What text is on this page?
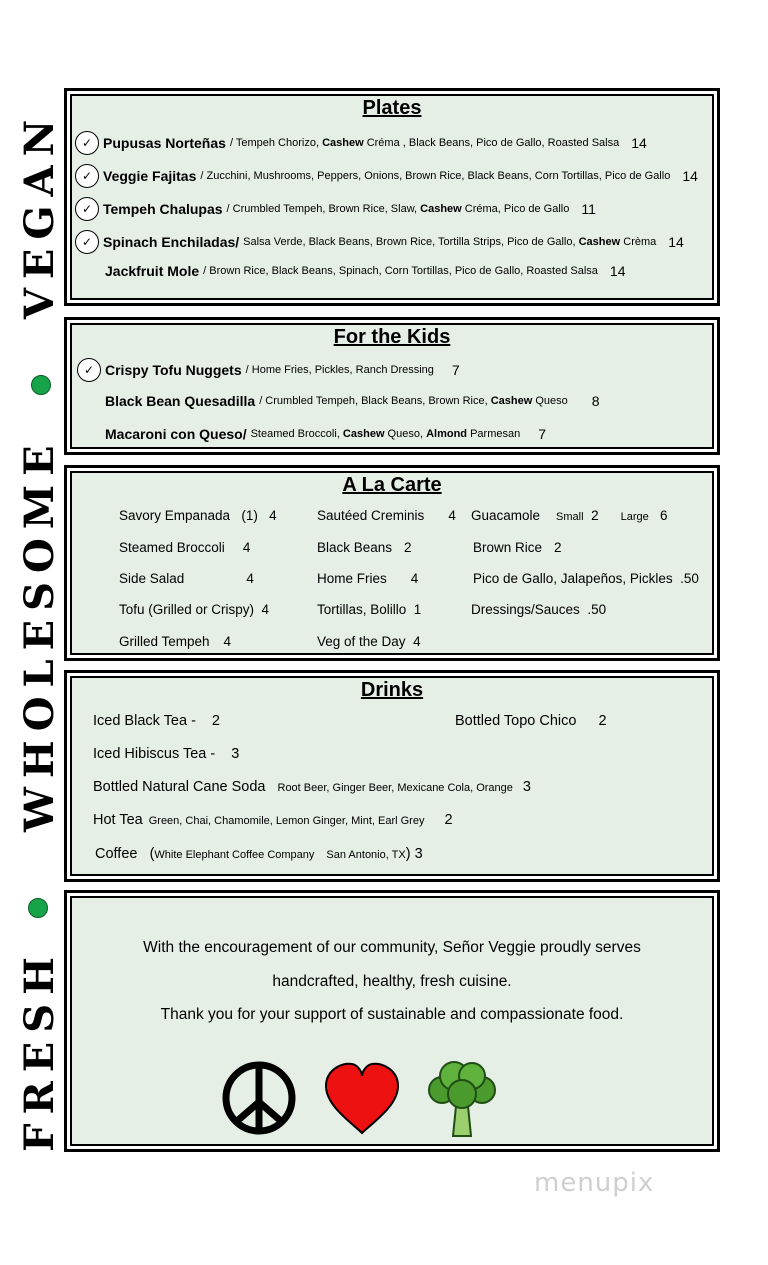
VEGAN
WHOLESOME
FRESH
Plates
✓ Pupusas Norteñas / Tempeh Chorizo, Cashew Créma , Black Beans, Pico de Gallo, Roasted Salsa 14
✓ Veggie Fajitas / Zucchini, Mushrooms, Peppers, Onions, Brown Rice, Black Beans, Corn Tortillas, Pico de Gallo 14
✓ Tempeh Chalupas / Crumbled Tempeh, Brown Rice, Slaw, Cashew Créma, Pico de Gallo 11
✓ Spinach Enchiladas/ Salsa Verde, Black Beans, Brown Rice, Tortilla Strips, Pico de Gallo, Cashew Crèma 14
Jackfruit Mole / Brown Rice, Black Beans, Spinach, Corn Tortillas, Pico de Gallo, Roasted Salsa 14
For the Kids
✓ Crispy Tofu Nuggets / Home Fries, Pickles, Ranch Dressing 7
Black Bean Quesadilla / Crumbled Tempeh, Black Beans, Brown Rice, Cashew Queso 8
Macaroni con Queso/ Steamed Broccoli, Cashew Queso, Almond Parmesan 7
A La Carte
Savory Empanada (1) 4
Steamed Broccoli 4
Side Salad	4
Tofu (Grilled or Crispy) 4
Grilled Tempeh 4
Sautéed Creminis 4
Black Beans 2
Home Fries 4
Tortillas, Bolillo 1
Veg of the Day 4
Guacamole Small 2 Large 6
Brown Rice 2
Pico de Gallo, Jalapeños, Pickles .50
Dressings/Sauces .50
Drinks
Iced Black Tea - 2	Bottled Topo Chico 2
Iced Hibiscus Tea - 3
Bottled Natural Cane Soda Root Beer, Ginger Beer, Mexicane Cola, Orange 3
Hot Tea Green, Chai, Chamomile, Lemon Ginger, Mint, Earl Grey 2
Coffee (White Elephant Coffee Company San Antonio, TX) 3
With the encouragement of our community, Señor Veggie proudly serves
handcrafted, healthy, fresh cuisine.
Thank you for your support of sustainable and compassionate food.
menupix
